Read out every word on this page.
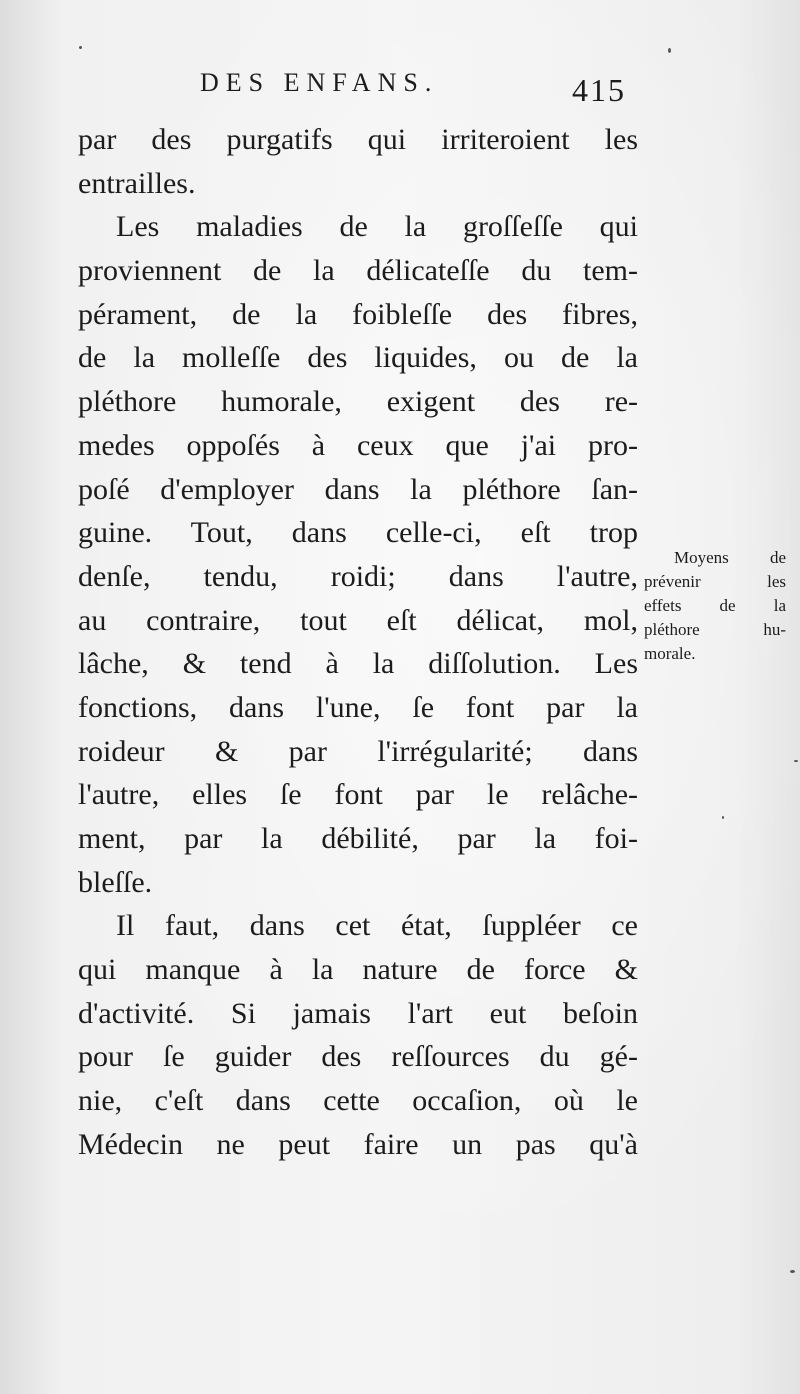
DES ENFANS.	415
par des purgatifs qui irriteroient les
entrailles.
Les maladies de la groſſeſſe qui
proviennent de la délicateſſe du tem-
pérament, de la foibleſſe des fibres,
de la molleſſe des liquides, ou de la
pléthore humorale, exigent des re-
medes oppoſés à ceux que j'ai pro-
poſé d'employer dans la pléthore ſan-
guine. Tout, dans celle-ci, eſt trop
denſe, tendu, roidi; dans l'autre,
au contraire, tout eſt délicat, mol,
lâche, & tend à la diſſolution. Les
fonctions, dans l'une, ſe font par la
roideur & par l'irrégularité; dans
l'autre, elles ſe font par le relâche-
ment, par la débilité, par la foi-
bleſſe.
Il faut, dans cet état, ſuppléer ce
qui manque à la nature de force &
d'activité. Si jamais l'art eut beſoin
pour ſe guider des reſſources du gé-
nie, c'eſt dans cette occaſion, où le
Médecin ne peut faire un pas qu'à
Moyens de
prévenir les
effets de la
pléthore hu-
morale.
